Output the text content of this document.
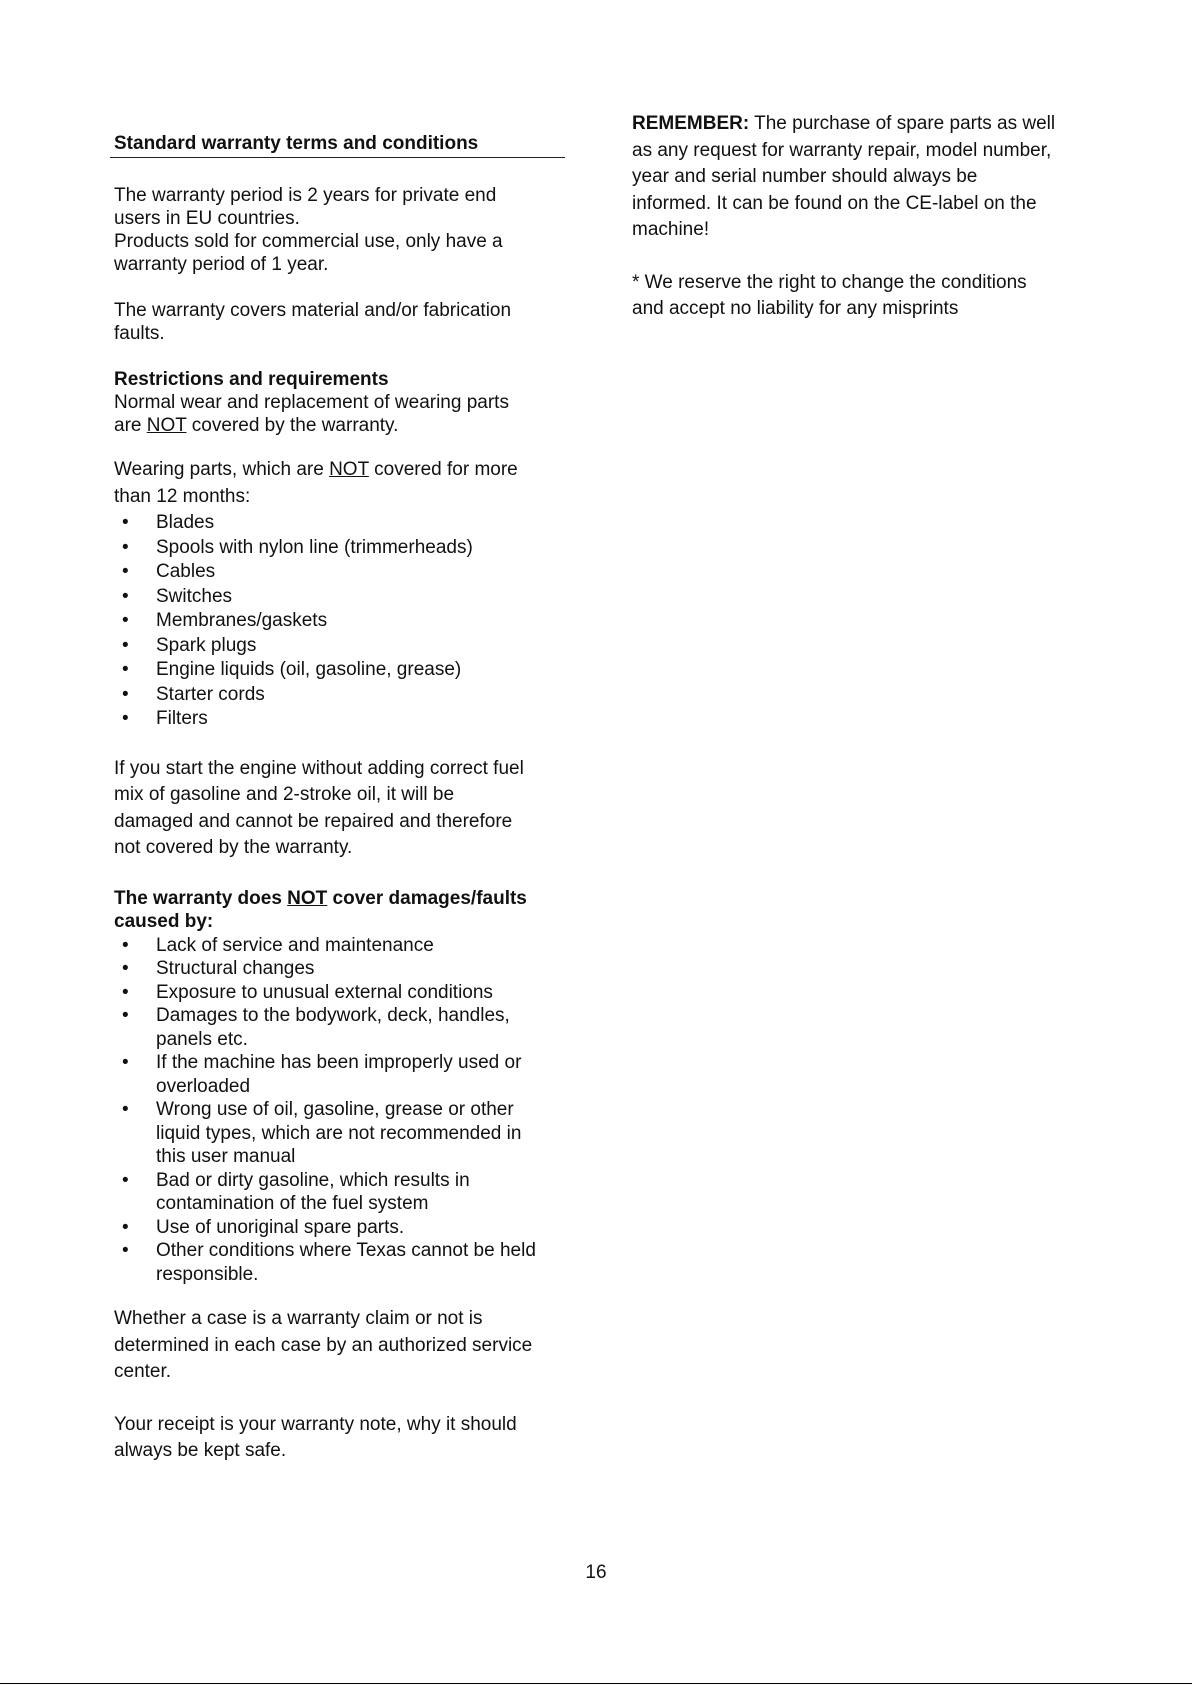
Standard warranty terms and conditions

The warranty period is 2 years for private end

users in EU countries.

Products sold for commercial use, only have a

warranty period of 1 year.

The warranty covers material and/or fabrication

faults.

Restrictions and requirements

Normal wear and replacement of wearing parts

are NOT covered by the warranty.

Wearing parts, which are NOT covered for more

than 12 months:

• Blades
• Spools with nylon line (trimmerheads)
• Cables
• Switches
• Membranes/gaskets
• Spark plugs
• Engine liquids (oil, gasoline, grease)
• Starter cords
• Filters

If you start the engine without adding correct fuel

mix of gasoline and 2-stroke oil, it will be

damaged and cannot be repaired and therefore

not covered by the warranty.

The warranty does NOT cover damages/faults

caused by:

• Lack of service and maintenance
• Structural changes
• Exposure to unusual external conditions
• Damages to the bodywork, deck, handles,
panels etc.
• If the machine has been improperly used or
overloaded
• Wrong use of oil, gasoline, grease or other
liquid types, which are not recommended in
this user manual
• Bad or dirty gasoline, which results in
contamination of the fuel system
• Use of unoriginal spare parts.
• Other conditions where Texas cannot be held
responsible.

Whether a case is a warranty claim or not is

determined in each case by an authorized service

center.

Your receipt is your warranty note, why it should

always be kept safe.

REMEMBER: The purchase of spare parts as well

as any request for warranty repair, model number,

year and serial number should always be

informed. It can be found on the CE-label on the

machine!

* We reserve the right to change the conditions

and accept no liability for any misprints

16
